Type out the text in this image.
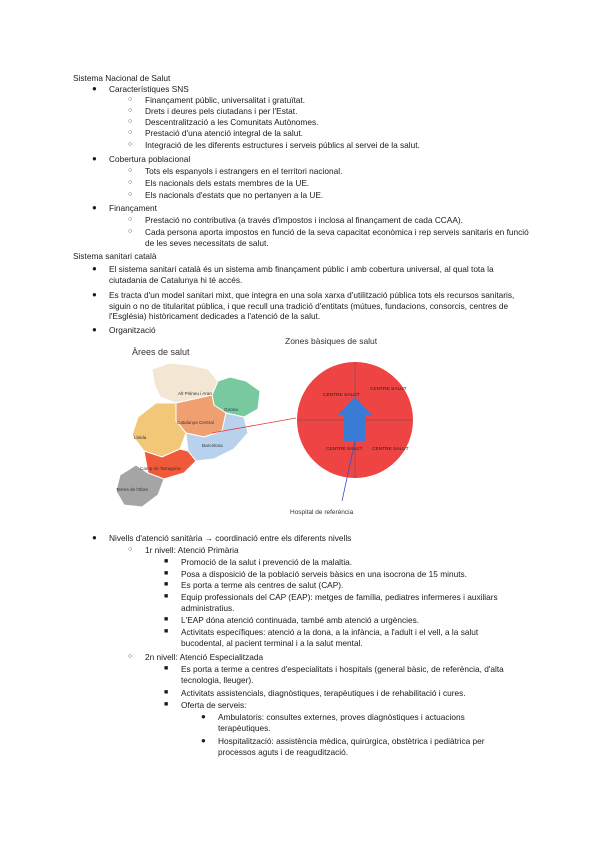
Sistema Nacional de Salut
● Característiques SNS
○ Finançament públic, universalitat i gratuïtat.
○ Drets i deures pels ciutadans i per l'Estat.
○ Descentralització a les Comunitats Autònomes.
○ Prestació d'una atenció integral de la salut.
○ Integració de les diferents estructures i serveis públics al servei de la salut.
● Cobertura poblacional
○ Tots els espanyols i estrangers en el territori nacional.
○ Els nacionals dels estats membres de la UE.
○ Els nacionals d'estats que no pertanyen a la UE.
● Finançament
○ Prestació no contributiva (a través d'impostos i inclosa al finançament de cada CCAA).
○ Cada persona aporta impostos en funció de la seva capacitat econòmica i rep serveis sanitaris en funció de les seves necessitats de salut.
Sistema sanitari català
● El sistema sanitari català és un sistema amb finançament públic i amb cobertura universal, al qual tota la ciutadania de Catalunya hi té accés.
● Es tracta d'un model sanitari mixt, que integra en una sola xarxa d'utilització pública tots els recursos sanitaris, siguin o no de titularitat pública, i que recull una tradició d'entitats (mútues, fundacions, consorcis, centres de l'Església) històricament dedicades a l'atenció de la salut.
● Organització
Àrees de salut
Zones bàsiques de salut
Alt Pirineu i Aran
Girona
Catalunya Central
Lleida
Barcelona
Camp de Tarragona
Terres de l'Ebre
CENTRE SALUT
CENTRE SALUT
CENTRE SALUT CENTRE SALUT
Hospital de referència
● Nivells d'atenció sanitària → coordinació entre els diferents nivells
○ 1r nivell: Atenció Primària
■ Promoció de la salut i prevenció de la malaltia.
■ Posa a disposició de la població serveis bàsics en una isocrona de 15 minuts.
■ Es porta a terme als centres de salut (CAP).
■ Equip professionals del CAP (EAP): metges de família, pediatres infermeres i auxiliars administratius.
■ L'EAP dóna atenció continuada, també amb atenció a urgències.
■ Activitats específiques: atenció a la dona, a la infància, a l'adult i el vell, a la salut bucodental, al pacient terminal i a la salut mental.
○ 2n nivell: Atenció Especialitzada
■ Es porta a terme a centres d'especialitats i hospitals (general bàsic, de referència, d'alta tecnologia, lleuger).
■ Activitats assistencials, diagnòstiques, terapèutiques i de rehabilitació i cures.
■ Oferta de serveis:
● Ambulatoris: consultes externes, proves diagnòstiques i actuacions terapèutiques.
● Hospitalització: assistència mèdica, quirúrgica, obstètrica i pediàtrica per processos aguts i de reagudització.
